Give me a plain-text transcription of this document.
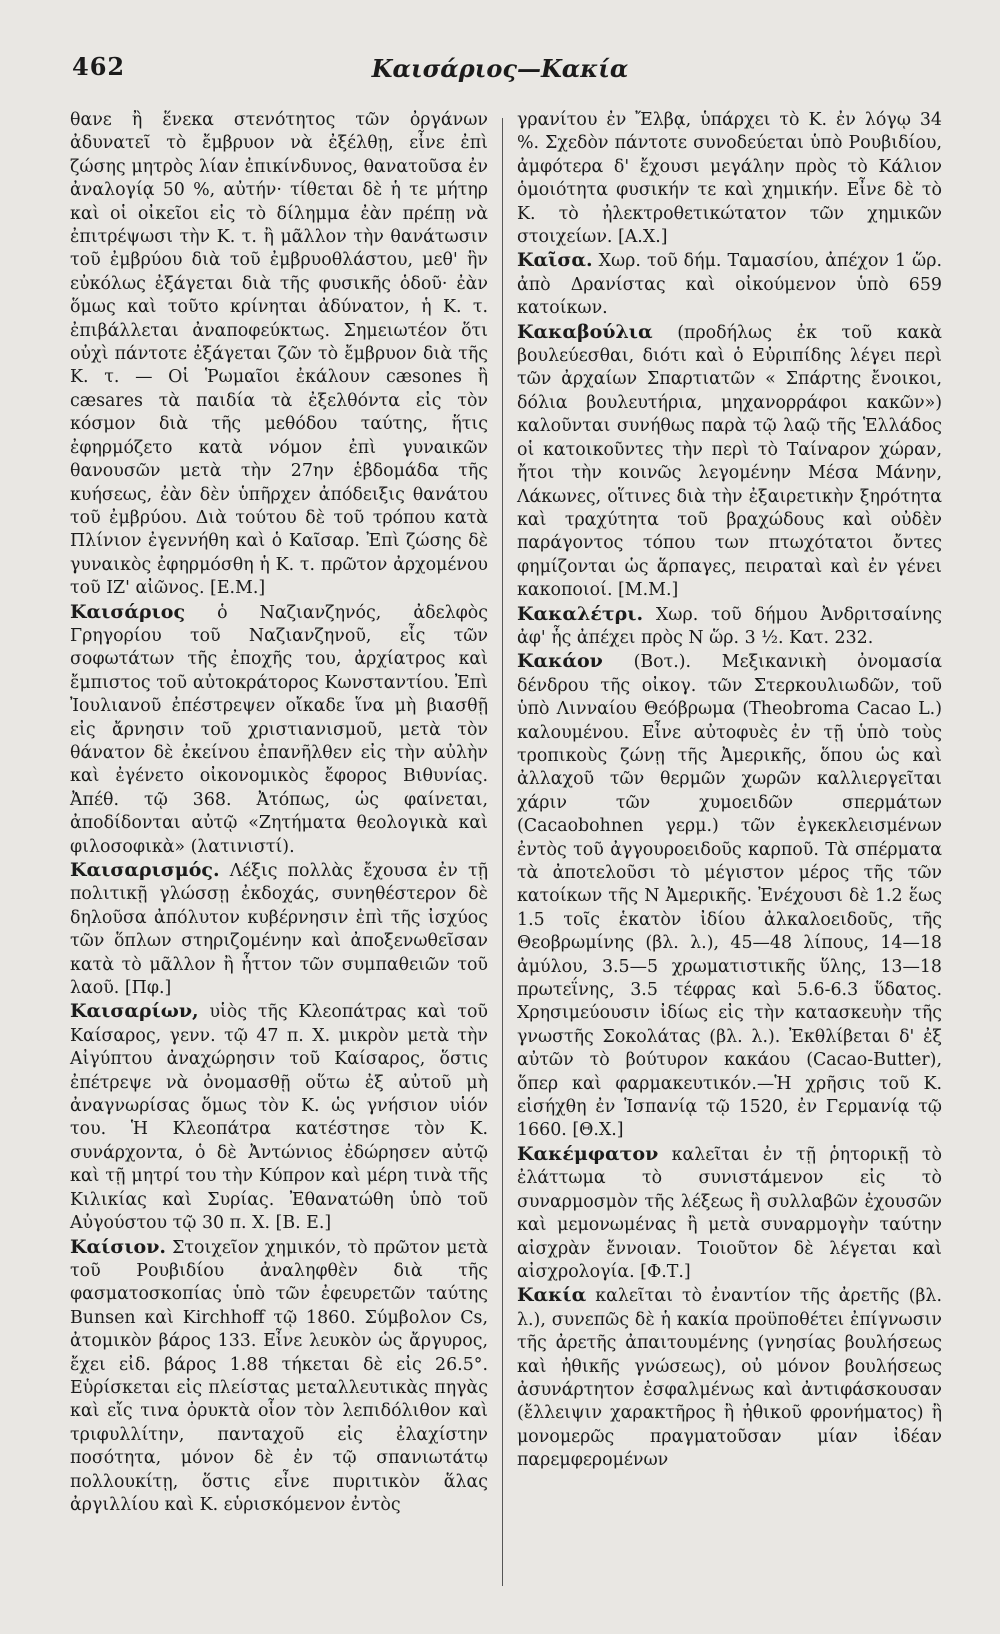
462	Καισάριος—Κακία

θανε ἢ ἕνεκα στενότητος τῶν ὀργάνων ἀδυνατεῖ τὸ ἔμβρυον νὰ ἐξέλθῃ, εἶνε ἐπὶ ζώσης μητρὸς λίαν ἐπικίνδυνος, θανατοῦσα ἐν ἀναλογίᾳ 50 %, αὐτήν· τίθεται δὲ ἡ τε μήτηρ καὶ οἱ οἰκεῖοι εἰς τὸ δίλημμα ἐὰν πρέπῃ νὰ ἐπιτρέψωσι τὴν Κ. τ. ἢ μᾶλλον τὴν θανάτωσιν τοῦ ἐμβρύου διὰ τοῦ ἐμβρυοθλάστου, μεθ' ἣν εὐκόλως ἐξάγεται διὰ τῆς φυσικῆς ὁδοῦ· ἐὰν ὅμως καὶ τοῦτο κρίνηται ἀδύνατον, ἡ Κ. τ. ἐπιβάλλεται ἀναποφεύκτως. Σημειωτέον ὅτι οὐχὶ πάντοτε ἐξάγεται ζῶν τὸ ἔμβρυον διὰ τῆς Κ. τ. — Οἱ Ῥωμαῖοι ἐκάλουν cæsones ἢ cæsares τὰ παιδία τὰ ἐξελθόντα εἰς τὸν κόσμον διὰ τῆς μεθόδου ταύτης, ἥτις ἐφηρμόζετο κατὰ νόμον ἐπὶ γυναικῶν θανουσῶν μετὰ τὴν 27ην ἑβδομάδα τῆς κυήσεως, ἐὰν δὲν ὑπῆρχεν ἀπόδειξις θανάτου τοῦ ἐμβρύου. Διὰ τούτου δὲ τοῦ τρόπου κατὰ Πλίνιον ἐγεννήθη καὶ ὁ Καῖσαρ. Ἐπὶ ζώσης δὲ γυναικὸς ἐφηρμόσθη ἡ Κ. τ. πρῶτον ἀρχομένου τοῦ ΙΖ' αἰῶνος. [Ε.Μ.]

Καισάριος ὁ Ναζιανζηνός, ἀδελφὸς Γρηγορίου τοῦ Ναζιανζηνοῦ, εἷς τῶν σοφωτάτων τῆς ἐποχῆς του, ἀρχίατρος καὶ ἔμπιστος τοῦ αὐτοκράτορος Κωνσταντίου. Ἐπὶ Ἰουλιανοῦ ἐπέστρεψεν οἴκαδε ἵνα μὴ βιασθῇ εἰς ἄρνησιν τοῦ χριστιανισμοῦ, μετὰ τὸν θάνατον δὲ ἐκείνου ἐπανῆλθεν εἰς τὴν αὐλὴν καὶ ἐγένετο οἰκονομικὸς ἔφορος Βιθυνίας. Ἀπέθ. τῷ 368. Ἀτόπως, ὡς φαίνεται, ἀποδίδονται αὐτῷ «Ζητήματα θεολογικὰ καὶ φιλοσοφικὰ» (λατινιστί).

Καισαρισμός. Λέξις πολλὰς ἔχουσα ἐν τῇ πολιτικῇ γλώσσῃ ἐκδοχάς, συνηθέστερον δὲ δηλοῦσα ἀπόλυτον κυβέρνησιν ἐπὶ τῆς ἰσχύος τῶν ὅπλων στηριζομένην καὶ ἀποξενωθεῖσαν κατὰ τὸ μᾶλλον ἢ ἧττον τῶν συμπαθειῶν τοῦ λαοῦ. [Πφ.]

Καισαρίων, υἱὸς τῆς Κλεοπάτρας καὶ τοῦ Καίσαρος, γενν. τῷ 47 π. Χ. μικρὸν μετὰ τὴν Αἰγύπτου ἀναχώρησιν τοῦ Καίσαρος, ὅστις ἐπέτρεψε νὰ ὀνομασθῇ οὕτω ἐξ αὐτοῦ μὴ ἀναγνωρίσας ὅμως τὸν Κ. ὡς γνήσιον υἱόν του. Ἡ Κλεοπάτρα κατέστησε τὸν Κ. συνάρχοντα, ὁ δὲ Ἀντώνιος ἐδώρησεν αὐτῷ καὶ τῇ μητρί του τὴν Κύπρον καὶ μέρη τινὰ τῆς Κιλικίας καὶ Συρίας. Ἐθανατώθη ὑπὸ τοῦ Αὐγούστου τῷ 30 π. Χ. [Β. Ε.]

Καίσιον. Στοιχεῖον χημικόν, τὸ πρῶτον μετὰ τοῦ Ρουβιδίου ἀναληφθὲν διὰ τῆς φασματοσκοπίας ὑπὸ τῶν ἐφευρετῶν ταύτης Bunsen καὶ Kirchhoff τῷ 1860. Σύμβολον Cs, ἀτομικὸν βάρος 133. Εἶνε λευκὸν ὡς ἄργυρος, ἔχει εἰδ. βάρος 1.88 τήκεται δὲ εἰς 26.5°. Εὑρίσκεται εἰς πλείστας μεταλλευτικὰς πηγὰς καὶ εἴς τινα ὀρυκτὰ οἷον τὸν λεπιδόλιθον καὶ τριφυλλίτην, πανταχοῦ εἰς ἐλαχίστην ποσότητα, μόνον δὲ ἐν τῷ σπανιωτάτῳ πολλουκίτῃ, ὅστις εἶνε πυριτικὸν ἅλας ἀργιλλίου καὶ Κ. εὑρισκόμενον ἐντὸς

γρανίτου ἐν Ἔλβᾳ, ὑπάρχει τὸ Κ. ἐν λόγῳ 34 %. Σχεδὸν πάντοτε συνοδεύεται ὑπὸ Ρουβιδίου, ἀμφότερα δ' ἔχουσι μεγάλην πρὸς τὸ Κάλιον ὁμοιότητα φυσικήν τε καὶ χημικήν. Εἶνε δὲ τὸ Κ. τὸ ἠλεκτροθετικώτατον τῶν χημικῶν στοιχείων. [Α.Χ.]

Καῖσα. Χωρ. τοῦ δήμ. Ταμασίου, ἀπέχον 1 ὥρ. ἀπὸ Δρανίστας καὶ οἰκούμενον ὑπὸ 659 κατοίκων.

Κακαβούλια (προδήλως ἐκ τοῦ κακὰ βουλεύεσθαι, διότι καὶ ὁ Εὐριπίδης λέγει περὶ τῶν ἀρχαίων Σπαρτιατῶν « Σπάρτης ἔνοικοι, δόλια βουλευτήρια, μηχανορράφοι κακῶν») καλοῦνται συνήθως παρὰ τῷ λαῷ τῆς Ἑλλάδος οἱ κατοικοῦντες τὴν περὶ τὸ Ταίναρον χώραν, ἤτοι τὴν κοινῶς λεγομένην Μέσα Μάνην, Λάκωνες, οἵτινες διὰ τὴν ἐξαιρετικὴν ξηρότητα καὶ τραχύτητα τοῦ βραχώδους καὶ οὐδὲν παράγοντος τόπου των πτωχότατοι ὄντες φημίζονται ὡς ἅρπαγες, πειραταὶ καὶ ἐν γένει κακοποιοί. [Μ.Μ.]

Κακαλέτρι. Χωρ. τοῦ δήμου Ἀνδριτσαίνης ἀφ' ἧς ἀπέχει πρὸς Ν ὥρ. 3 ½. Κατ. 232.

Κακάον (Βοτ.). Μεξικανικὴ ὀνομασία δένδρου τῆς οἰκογ. τῶν Στερκουλιωδῶν, τοῦ ὑπὸ Λινναίου Θεόβρωμα (Theobroma Cacao L.) καλουμένου. Εἶνε αὐτοφυὲς ἐν τῇ ὑπὸ τοὺς τροπικοὺς ζώνῃ τῆς Ἀμερικῆς, ὅπου ὡς καὶ ἀλλαχοῦ τῶν θερμῶν χωρῶν καλλιεργεῖται χάριν τῶν χυμοειδῶν σπερμάτων (Cacaobohnen γερμ.) τῶν ἐγκεκλεισμένων ἐντὸς τοῦ ἀγγουροειδοῦς καρποῦ. Τὰ σπέρματα τὰ ἀποτελοῦσι τὸ μέγιστον μέρος τῆς τῶν κατοίκων τῆς Ν Ἀμερικῆς. Ἐνέχουσι δὲ 1.2 ἕως 1.5 τοῖς ἑκατὸν ἰδίου ἀλκαλοειδοῦς, τῆς Θεοβρωμίνης (βλ. λ.), 45—48 λίπους, 14—18 ἀμύλου, 3.5—5 χρωματιστικῆς ὕλης, 13—18 πρωτεΐνης, 3.5 τέφρας καὶ 5.6-6.3 ὕδατος. Χρησιμεύουσιν ἰδίως εἰς τὴν κατασκευὴν τῆς γνωστῆς Σοκολάτας (βλ. λ.). Ἐκθλίβεται δ' ἐξ αὐτῶν τὸ βούτυρον κακάου (Cacao-Butter), ὅπερ καὶ φαρμακευτικόν.—Ἡ χρῆσις τοῦ Κ. εἰσήχθη ἐν Ἱσπανίᾳ τῷ 1520, ἐν Γερμανίᾳ τῷ 1660. [Θ.Χ.]

Κακέμφατον καλεῖται ἐν τῇ ῥητορικῇ τὸ ἐλάττωμα τὸ συνιστάμενον εἰς τὸ συναρμοσμὸν τῆς λέξεως ἢ συλλαβῶν ἐχουσῶν καὶ μεμονωμένας ἢ μετὰ συναρμογὴν ταύτην αἰσχρὰν ἔννοιαν. Τοιοῦτον δὲ λέγεται καὶ αἰσχρολογία. [Φ.Τ.]

Κακία καλεῖται τὸ ἐναντίον τῆς ἀρετῆς (βλ. λ.), συνεπῶς δὲ ἡ κακία προϋποθέτει ἐπίγνωσιν τῆς ἀρετῆς ἀπαιτουμένης (γνησίας βουλήσεως καὶ ἠθικῆς γνώσεως), οὐ μόνον βουλήσεως ἀσυνάρτητον ἐσφαλμένως καὶ ἀντιφάσκουσαν (ἔλλειψιν χαρακτῆρος ἢ ἠθικοῦ φρονήματος) ἢ μονομερῶς πραγματοῦσαν μίαν ἰδέαν παρεμφερομένων
